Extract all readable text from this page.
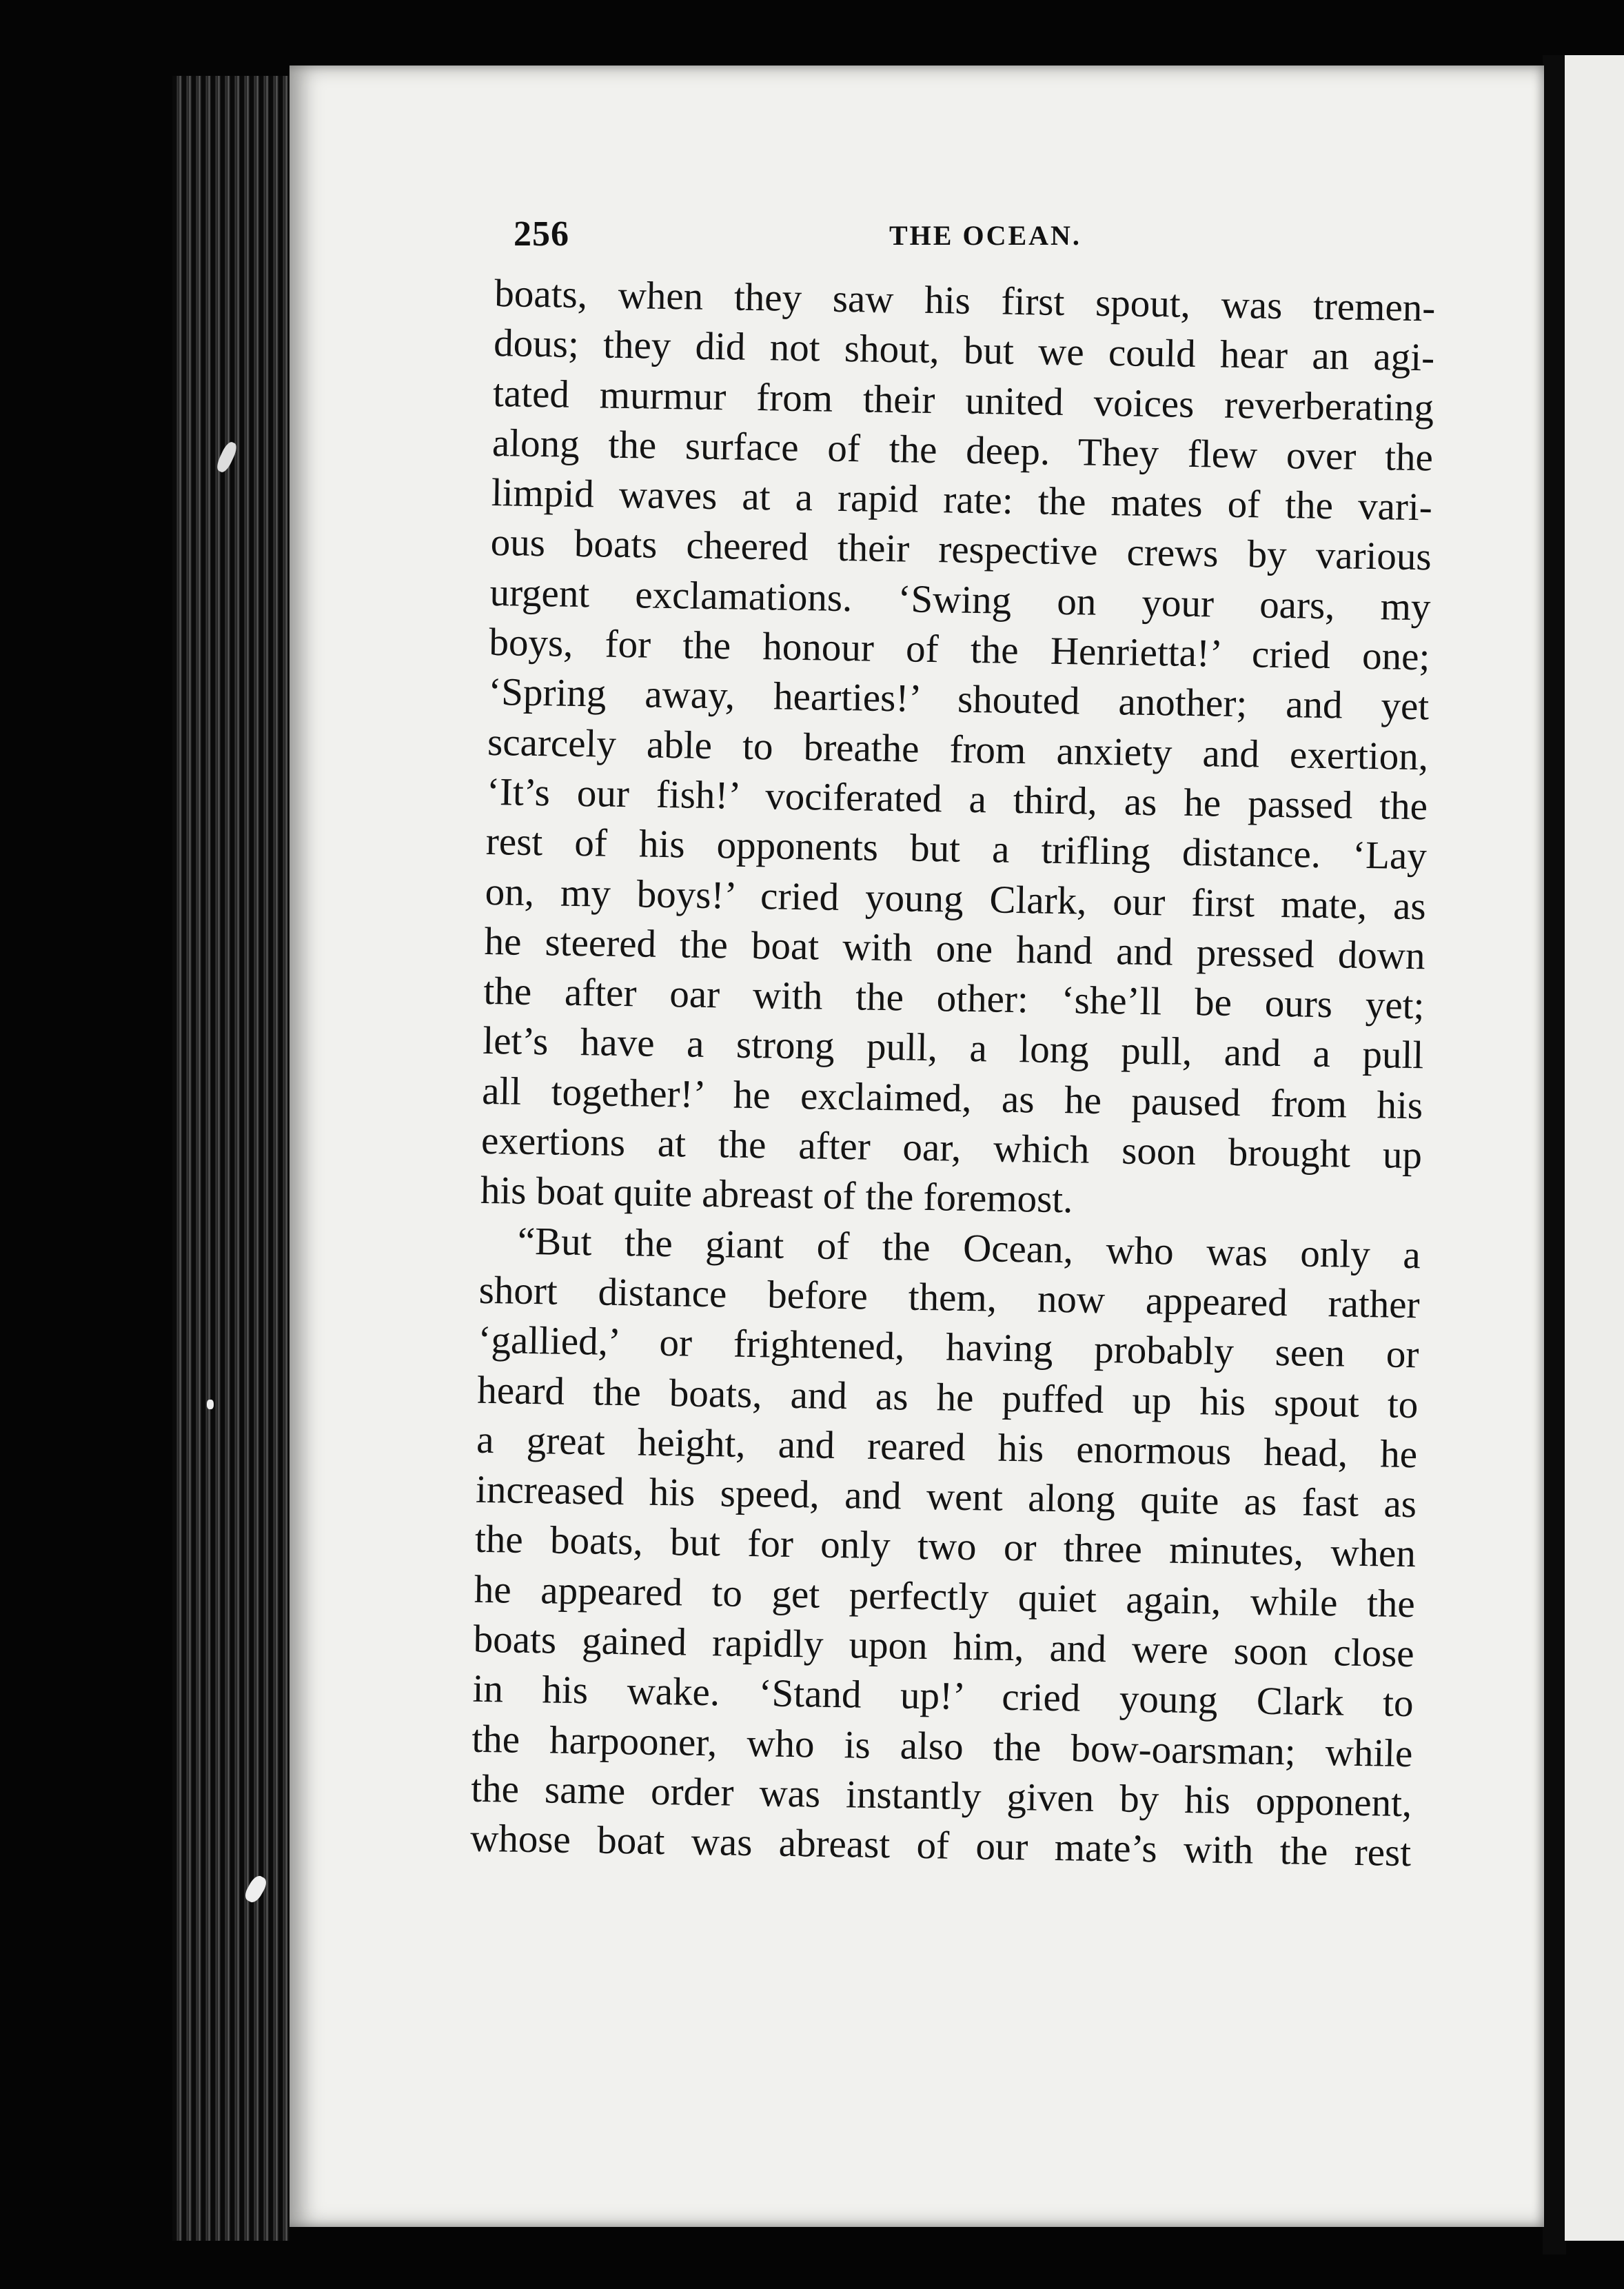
256	THE OCEAN.
boats, when they saw his first spout, was tremen-
dous; they did not shout, but we could hear an agi-
tated murmur from their united voices reverberating
along the surface of the deep. They flew over the
limpid waves at a rapid rate: the mates of the vari-
ous boats cheered their respective crews by various
urgent exclamations. ‘Swing on your oars, my
boys, for the honour of the Henrietta!’ cried one;
‘Spring away, hearties!’ shouted another; and yet
scarcely able to breathe from anxiety and exertion,
‘It’s our fish!’ vociferated a third, as he passed the
rest of his opponents but a trifling distance. ‘Lay
on, my boys!’ cried young Clark, our first mate, as
he steered the boat with one hand and pressed down
the after oar with the other: ‘she’ll be ours yet;
let’s have a strong pull, a long pull, and a pull
all together!’ he exclaimed, as he paused from his
exertions at the after oar, which soon brought up
his boat quite abreast of the foremost.
“But the giant of the Ocean, who was only a
short distance before them, now appeared rather
‘gallied,’ or frightened, having probably seen or
heard the boats, and as he puffed up his spout to
a great height, and reared his enormous head, he
increased his speed, and went along quite as fast as
the boats, but for only two or three minutes, when
he appeared to get perfectly quiet again, while the
boats gained rapidly upon him, and were soon close
in his wake. ‘Stand up!’ cried young Clark to
the harpooner, who is also the bow-oarsman; while
the same order was instantly given by his opponent,
whose boat was abreast of our mate’s with the rest
